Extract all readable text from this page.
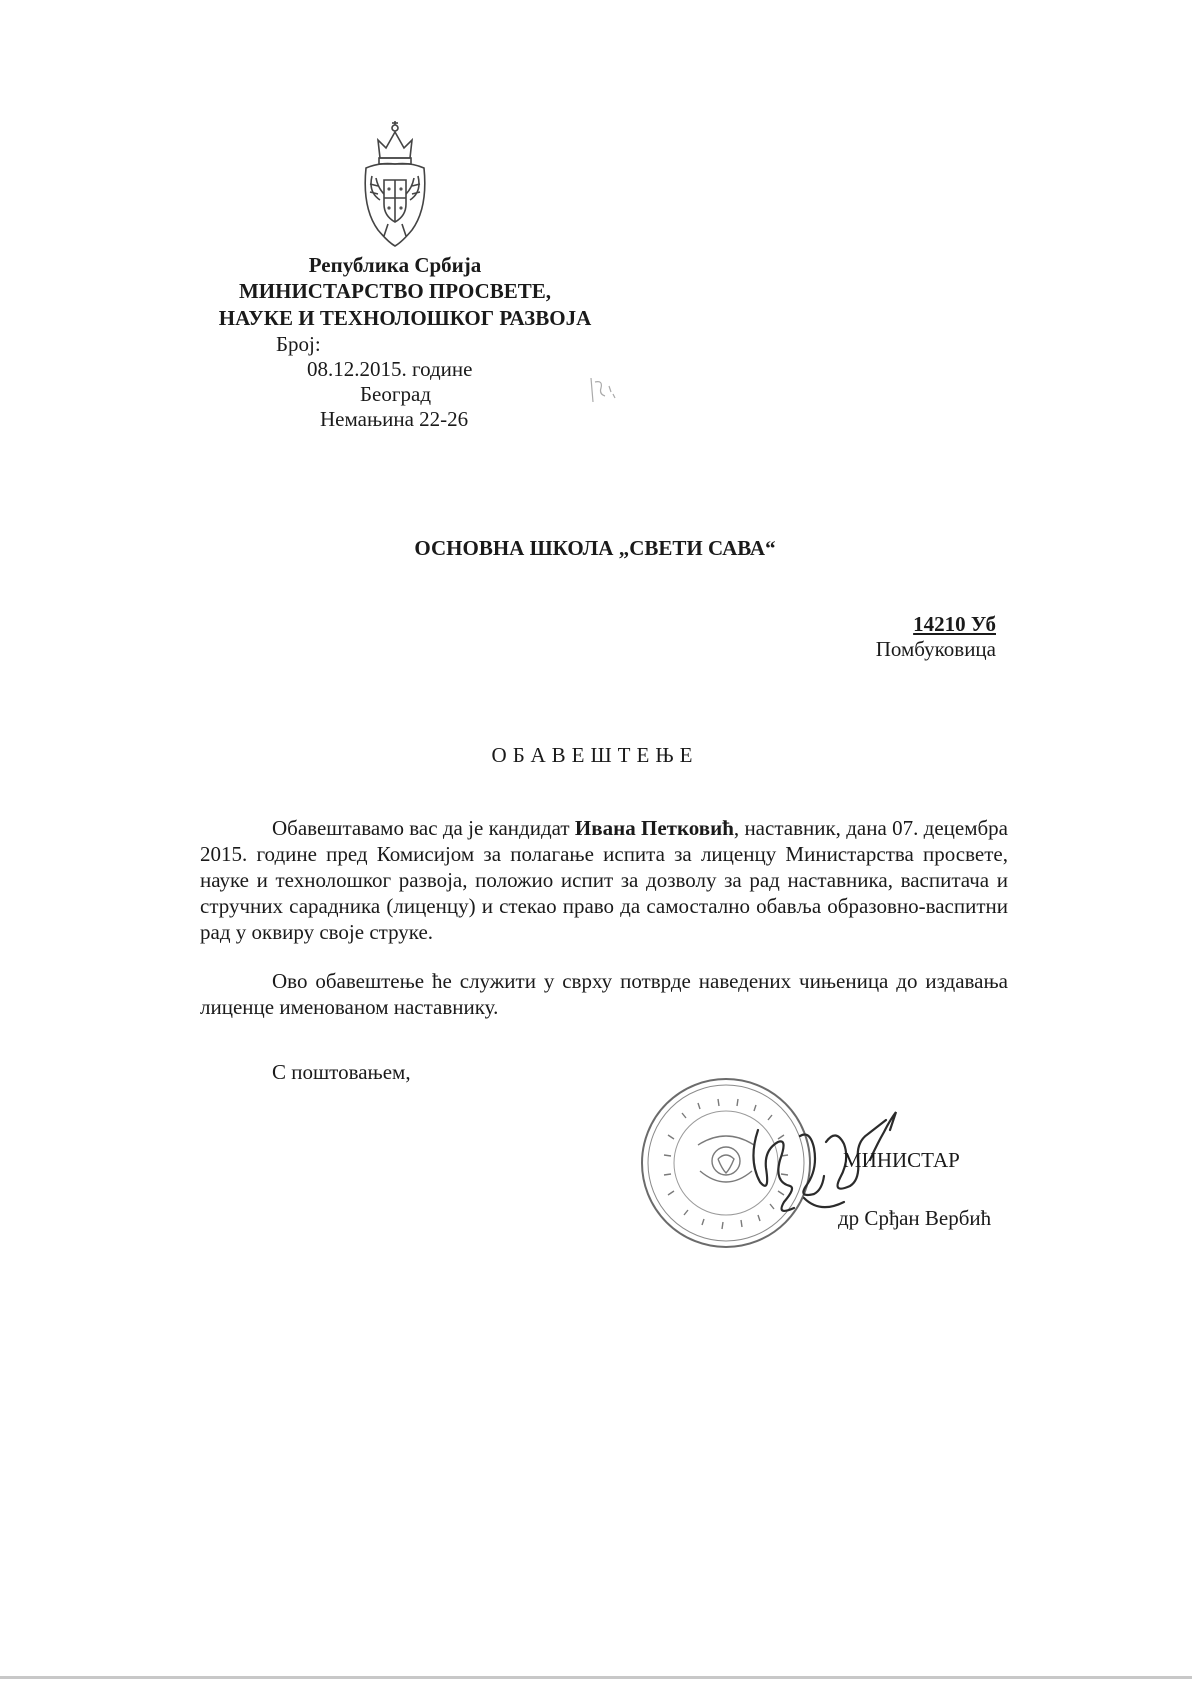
Република Србија
МИНИСТАРСТВО ПРОСВЕТЕ,
НАУКЕ И ТЕХНОЛОШКОГ РАЗВОЈА
Број:
08.12.2015. године
Београд
Немањина 22-26
ОСНОВНА ШКОЛА „СВЕТИ САВА“
14210 Уб
Помбуковица
ОБАВЕШТЕЊЕ
Обавештавамо вас да је кандидат Ивана Петковић, наставник, дана 07. децембра 2015. године пред Комисијом за полагање испита за лиценцу Министарства просвете, науке и технолошког развоја, положио испит за дозволу за рад наставника, васпитача и стручних сарадника (лиценцу) и стекао право да самостално обавља образовно-васпитни рад у оквиру своје струке.
Ово обавештење ће служити у сврху потврде наведених чињеница до издавања лиценце именованом наставнику.
С поштовањем,
МИНИСТАР
др Срђан Вербић
